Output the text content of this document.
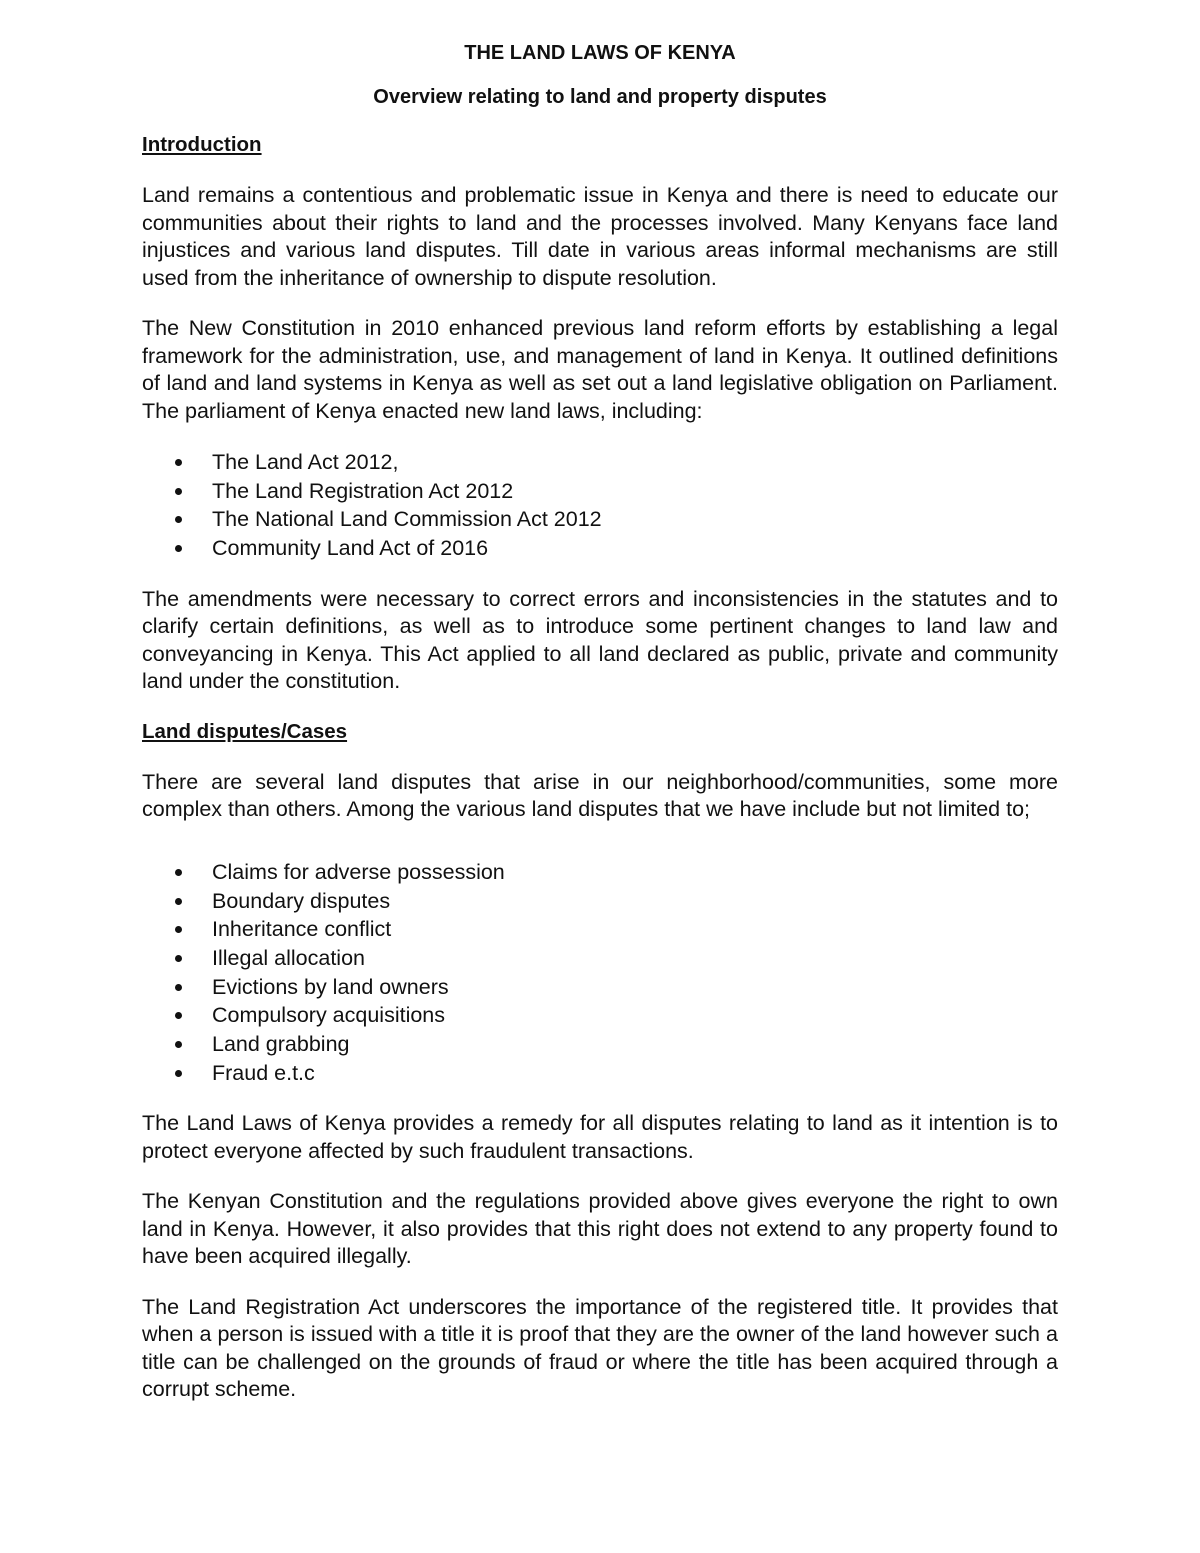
THE LAND LAWS OF KENYA
Overview relating to land and property disputes
Introduction

Land remains a contentious and problematic issue in Kenya and there is need to educate our communities about their rights to land and the processes involved. Many Kenyans face land injustices and various land disputes. Till date in various areas informal mechanisms are still used from the inheritance of ownership to dispute resolution.

The New Constitution in 2010 enhanced previous land reform efforts by establishing a legal framework for the administration, use, and management of land in Kenya. It outlined definitions of land and land systems in Kenya as well as set out a land legislative obligation on Parliament. The parliament of Kenya enacted new land laws, including:

The Land Act 2012,
The Land Registration Act 2012
The National Land Commission Act 2012
Community Land Act of 2016

The amendments were necessary to correct errors and inconsistencies in the statutes and to clarify certain definitions, as well as to introduce some pertinent changes to land law and conveyancing in Kenya. This Act applied to all land declared as public, private and community land under the constitution.

Land disputes/Cases

There are several land disputes that arise in our neighborhood/communities, some more complex than others. Among the various land disputes that we have include but not limited to;

Claims for adverse possession
Boundary disputes
Inheritance conflict
Illegal allocation
Evictions by land owners
Compulsory acquisitions
Land grabbing
Fraud e.t.c

The Land Laws of Kenya provides a remedy for all disputes relating to land as it intention is to protect everyone affected by such fraudulent transactions.

The Kenyan Constitution and the regulations provided above gives everyone the right to own land in Kenya. However, it also provides that this right does not extend to any property found to have been acquired illegally.

The Land Registration Act underscores the importance of the registered title. It provides that when a person is issued with a title it is proof that they are the owner of the land however such a title can be challenged on the grounds of fraud or where the title has been acquired through a corrupt scheme.
